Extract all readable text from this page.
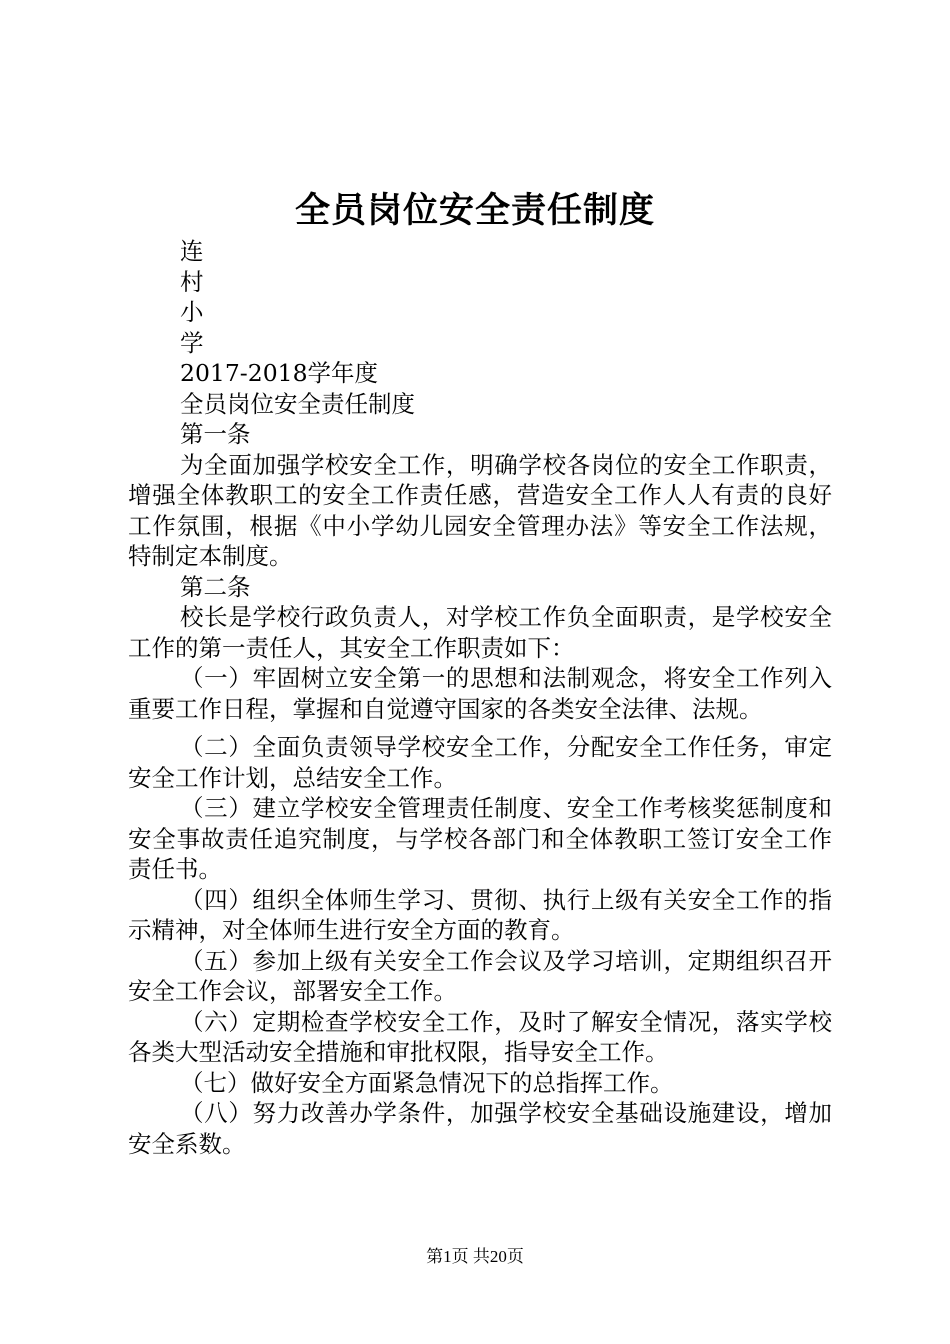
全员岗位安全责任制度

连

村

小

学

2017-2018学年度

全员岗位安全责任制度

第一条

为全面加强学校安全工作，明确学校各岗位的安全工作职责，增强全体教职工的安全工作责任感，营造安全工作人人有责的良好工作氛围，根据《中小学幼儿园安全管理办法》等安全工作法规，特制定本制度。

第二条

校长是学校行政负责人，对学校工作负全面职责，是学校安全工作的第一责任人，其安全工作职责如下：

（一）牢固树立安全第一的思想和法制观念，将安全工作列入重要工作日程，掌握和自觉遵守国家的各类安全法律、法规。

（二）全面负责领导学校安全工作，分配安全工作任务，审定安全工作计划，总结安全工作。

（三）建立学校安全管理责任制度、安全工作考核奖惩制度和安全事故责任追究制度，与学校各部门和全体教职工签订安全工作责任书。

（四）组织全体师生学习、贯彻、执行上级有关安全工作的指示精神，对全体师生进行安全方面的教育。

（五）参加上级有关安全工作会议及学习培训，定期组织召开安全工作会议，部署安全工作。

（六）定期检查学校安全工作，及时了解安全情况，落实学校各类大型活动安全措施和审批权限，指导安全工作。

（七）做好安全方面紧急情况下的总指挥工作。

（八）努力改善办学条件，加强学校安全基础设施建设，增加安全系数。

第1页 共20页
